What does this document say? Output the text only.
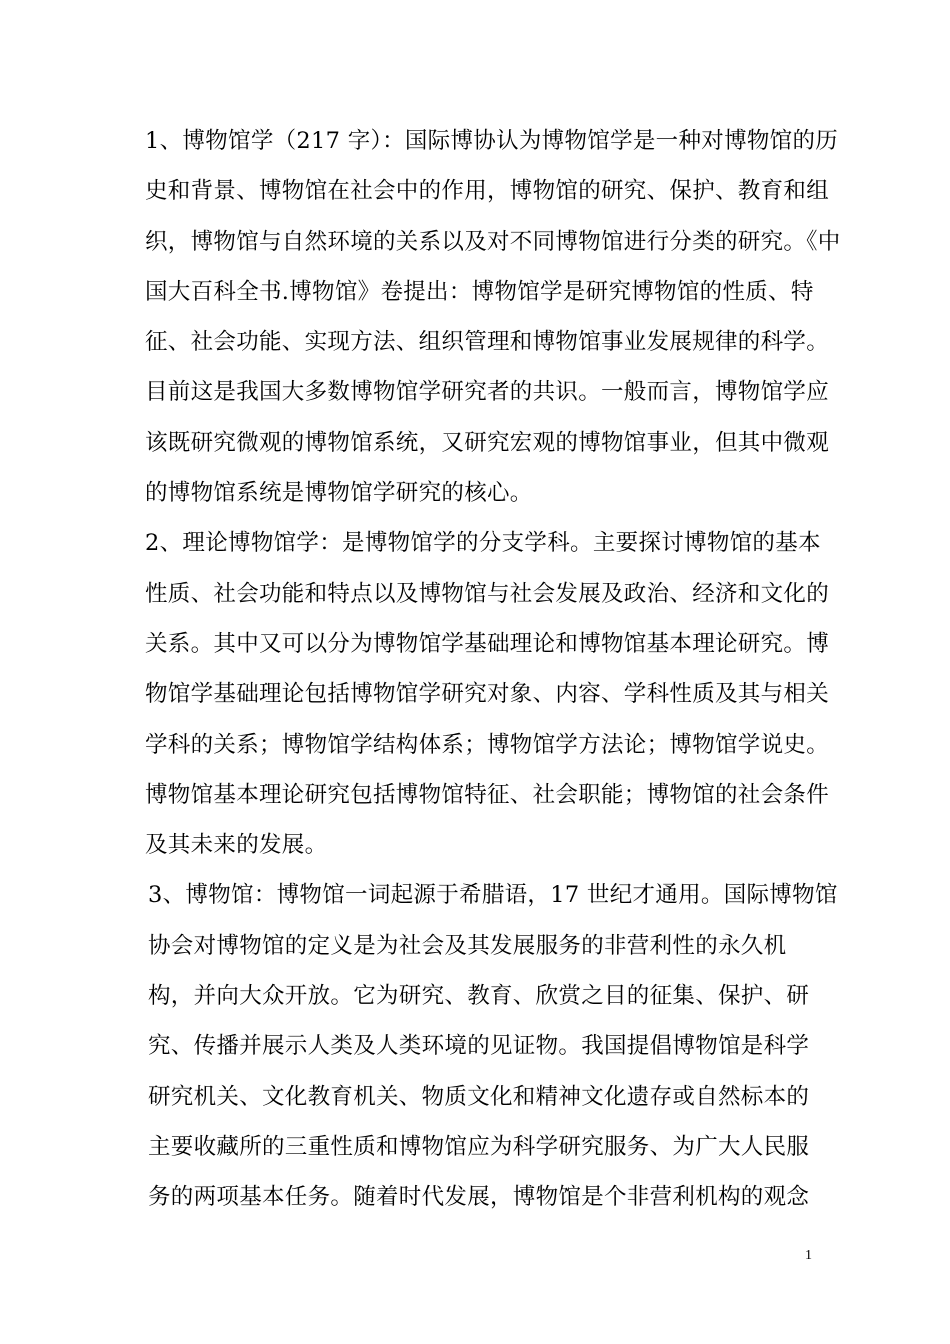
1、博物馆学（217 字）：国际博协认为博物馆学是一种对博物馆的历
史和背景、博物馆在社会中的作用，博物馆的研究、保护、教育和组
织，博物馆与自然环境的关系以及对不同博物馆进行分类的研究。《中
国大百科全书.博物馆》卷提出：博物馆学是研究博物馆的性质、特
征、社会功能、实现方法、组织管理和博物馆事业发展规律的科学。
目前这是我国大多数博物馆学研究者的共识。一般而言，博物馆学应
该既研究微观的博物馆系统，又研究宏观的博物馆事业，但其中微观
的博物馆系统是博物馆学研究的核心。
2、理论博物馆学：是博物馆学的分支学科。主要探讨博物馆的基本
性质、社会功能和特点以及博物馆与社会发展及政治、经济和文化的
关系。其中又可以分为博物馆学基础理论和博物馆基本理论研究。博
物馆学基础理论包括博物馆学研究对象、内容、学科性质及其与相关
学科的关系；博物馆学结构体系；博物馆学方法论；博物馆学说史。
博物馆基本理论研究包括博物馆特征、社会职能；博物馆的社会条件
及其未来的发展。
3、博物馆：博物馆一词起源于希腊语，17 世纪才通用。国际博物馆
协会对博物馆的定义是为社会及其发展服务的非营利性的永久机
构，并向大众开放。它为研究、教育、欣赏之目的征集、保护、研
究、传播并展示人类及人类环境的见证物。我国提倡博物馆是科学
研究机关、文化教育机关、物质文化和精神文化遗存或自然标本的
主要收藏所的三重性质和博物馆应为科学研究服务、为广大人民服
务的两项基本任务。随着时代发展，博物馆是个非营利机构的观念
1
